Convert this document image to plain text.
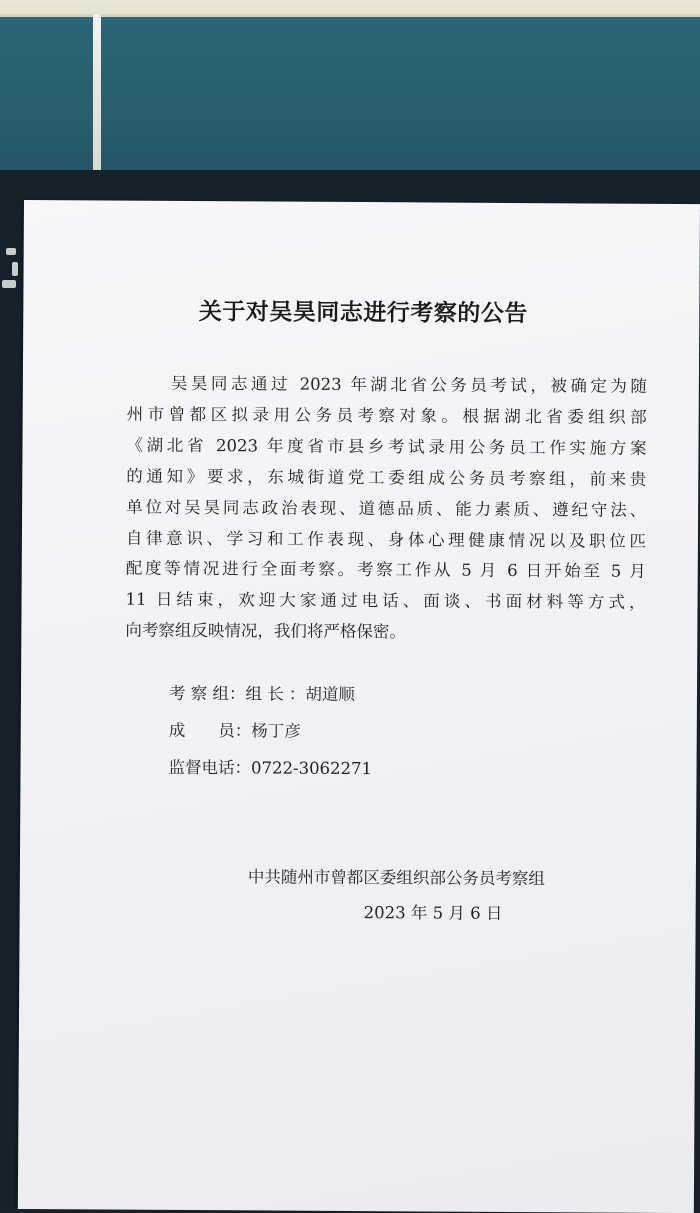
关于对吴昊同志进行考察的公告
吴昊同志通过 2023 年湖北省公务员考试，被确定为随
州市曾都区拟录用公务员考察对象。根据湖北省委组织部
《湖北省 2023 年度省市县乡考试录用公务员工作实施方案
的通知》要求，东城街道党工委组成公务员考察组，前来贵
单位对吴昊同志政治表现、道德品质、能力素质、遵纪守法、
自律意识、学习和工作表现、身体心理健康情况以及职位匹
配度等情况进行全面考察。考察工作从 5 月 6 日开始至 5 月
11 日结束，欢迎大家通过电话、面谈、书面材料等方式，
向考察组反映情况，我们将严格保密。
考 察 组：组 长 ：胡道顺
成　　员：杨丁彦
监督电话：0722-3062271
中共随州市曾都区委组织部公务员考察组
2023 年 5 月 6 日
